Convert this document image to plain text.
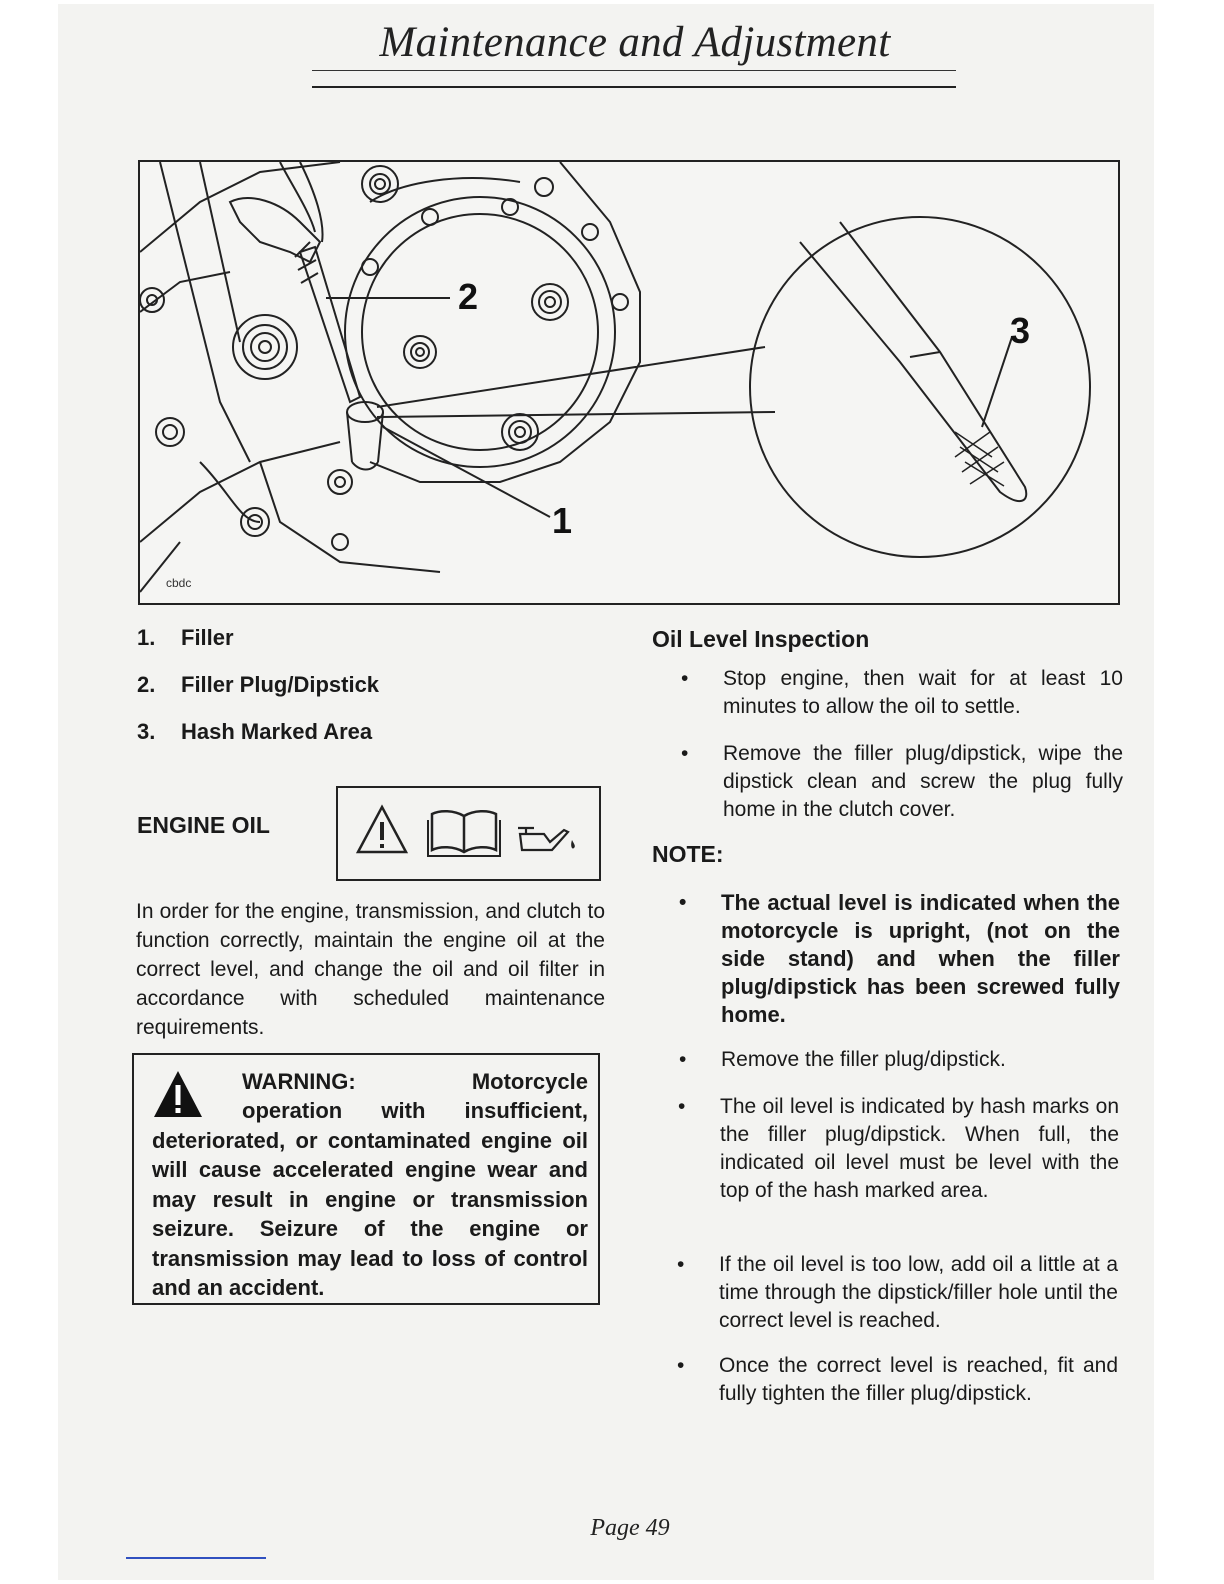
Maintenance and Adjustment
2
1
3
cbdc
1. Filler
2. Filler Plug/Dipstick
3. Hash Marked Area
ENGINE OIL

In order for the engine, transmission, and clutch to function correctly, maintain the engine oil at the correct level, and change the oil and oil filter in accordance with scheduled maintenance requirements.

WARNING:	Motorcycle
operation with insufficient, deteriorated, or contaminated engine oil will cause accelerated engine wear and may result in engine or transmission seizure. Seizure of the engine or transmission may lead to loss of control and an accident.
Oil Level Inspection
• Stop engine, then wait for at least 10 minutes to allow the oil to settle.
• Remove the filler plug/dipstick, wipe the dipstick clean and screw the plug fully home in the clutch cover.
NOTE:
• The actual level is indicated when the motorcycle is upright, (not on the side stand) and when the filler plug/dipstick has been screwed fully home.
• Remove the filler plug/dipstick.
• The oil level is indicated by hash marks on the filler plug/dipstick. When full, the indicated oil level must be level with the top of the hash marked area.
• If the oil level is too low, add oil a little at a time through the dipstick/filler hole until the correct level is reached.
• Once the correct level is reached, fit and fully tighten the filler plug/dipstick.
Page 49
